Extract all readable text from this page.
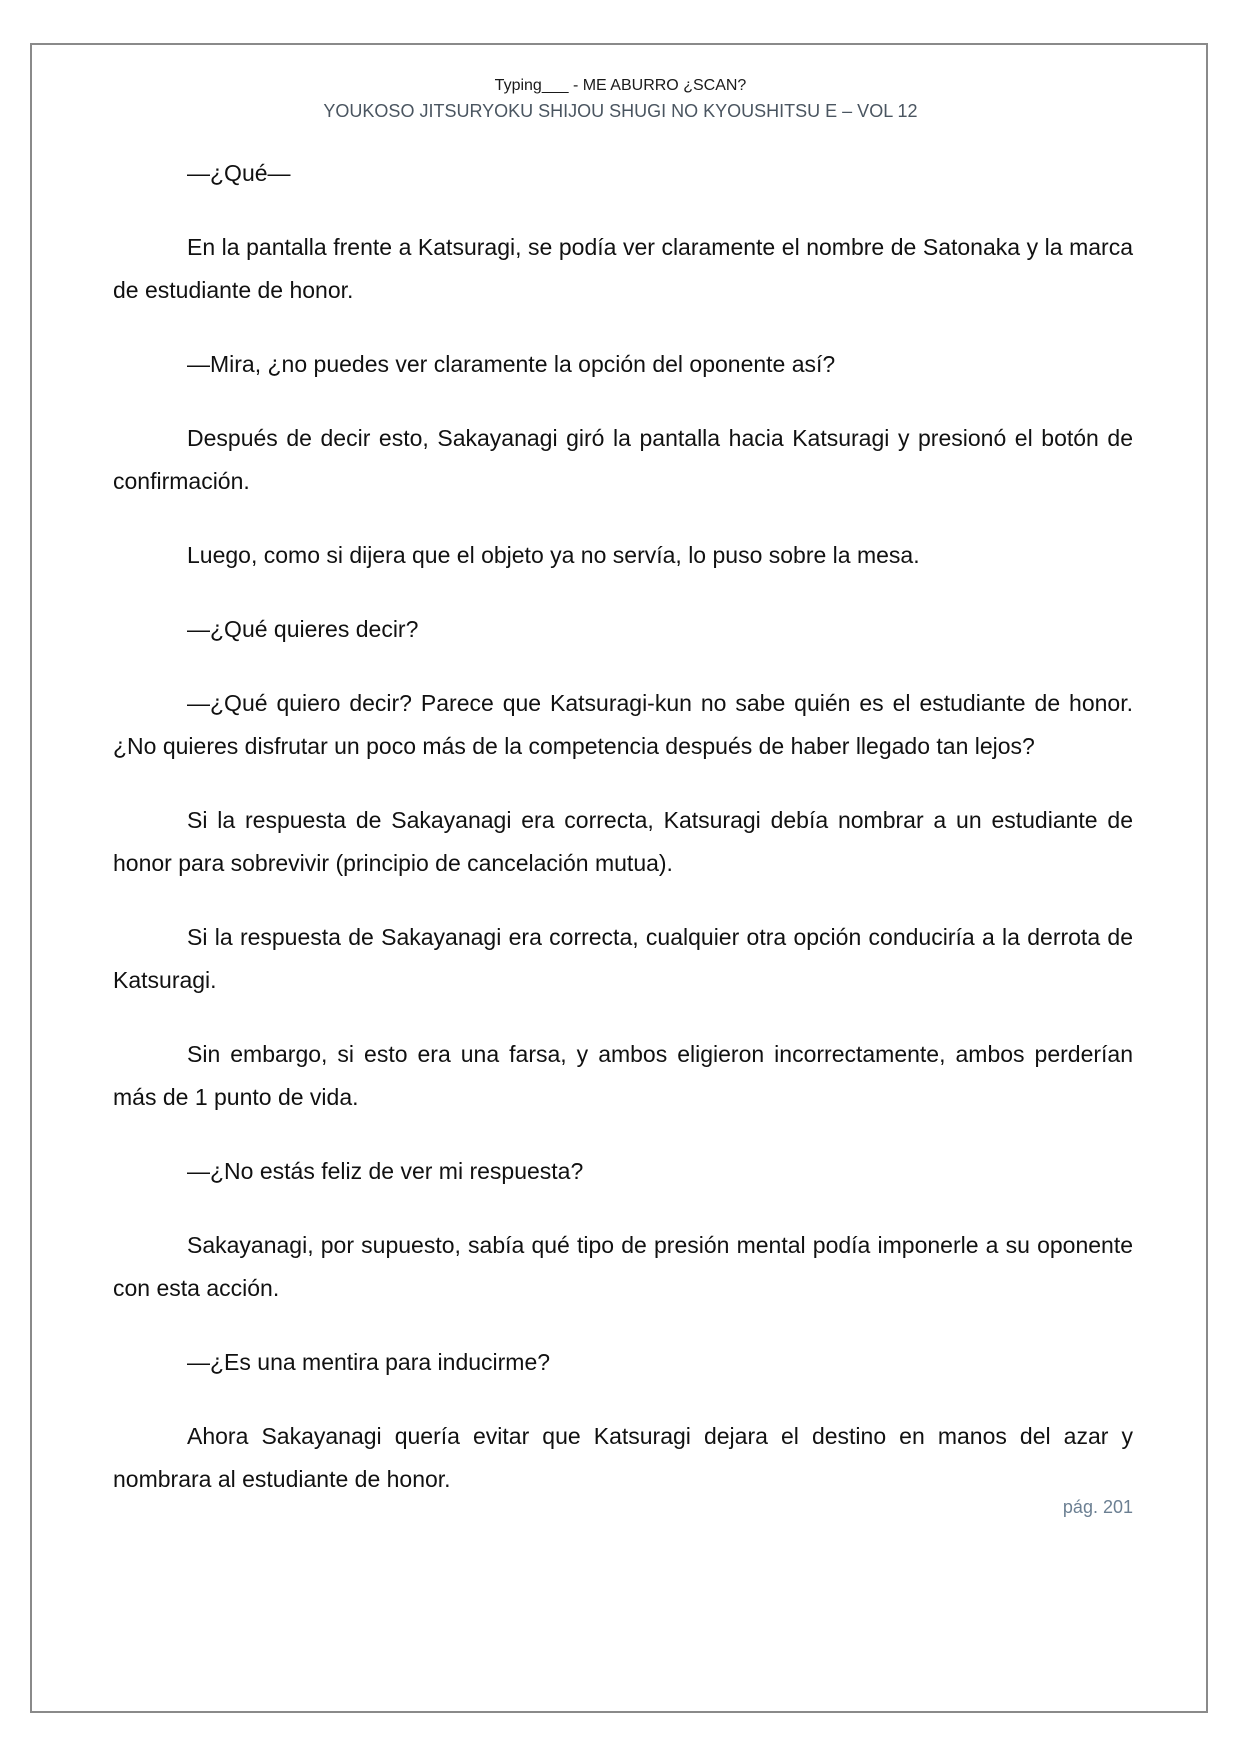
Typing___ - ME ABURRO ¿SCAN?
YOUKOSO JITSURYOKU SHIJOU SHUGI NO KYOUSHITSU E – VOL 12

—¿Qué—

En la pantalla frente a Katsuragi, se podía ver claramente el nombre de Satonaka y la marca de estudiante de honor.

—Mira, ¿no puedes ver claramente la opción del oponente así?

Después de decir esto, Sakayanagi giró la pantalla hacia Katsuragi y presionó el botón de confirmación.

Luego, como si dijera que el objeto ya no servía, lo puso sobre la mesa.

—¿Qué quieres decir?

—¿Qué quiero decir? Parece que Katsuragi-kun no sabe quién es el estudiante de honor. ¿No quieres disfrutar un poco más de la competencia después de haber llegado tan lejos?

Si la respuesta de Sakayanagi era correcta, Katsuragi debía nombrar a un estudiante de honor para sobrevivir (principio de cancelación mutua).

Si la respuesta de Sakayanagi era correcta, cualquier otra opción conduciría a la derrota de Katsuragi.

Sin embargo, si esto era una farsa, y ambos eligieron incorrectamente, ambos perderían más de 1 punto de vida.

—¿No estás feliz de ver mi respuesta?

Sakayanagi, por supuesto, sabía qué tipo de presión mental podía imponerle a su oponente con esta acción.

—¿Es una mentira para inducirme?

Ahora Sakayanagi quería evitar que Katsuragi dejara el destino en manos del azar y nombrara al estudiante de honor.

pág. 201
